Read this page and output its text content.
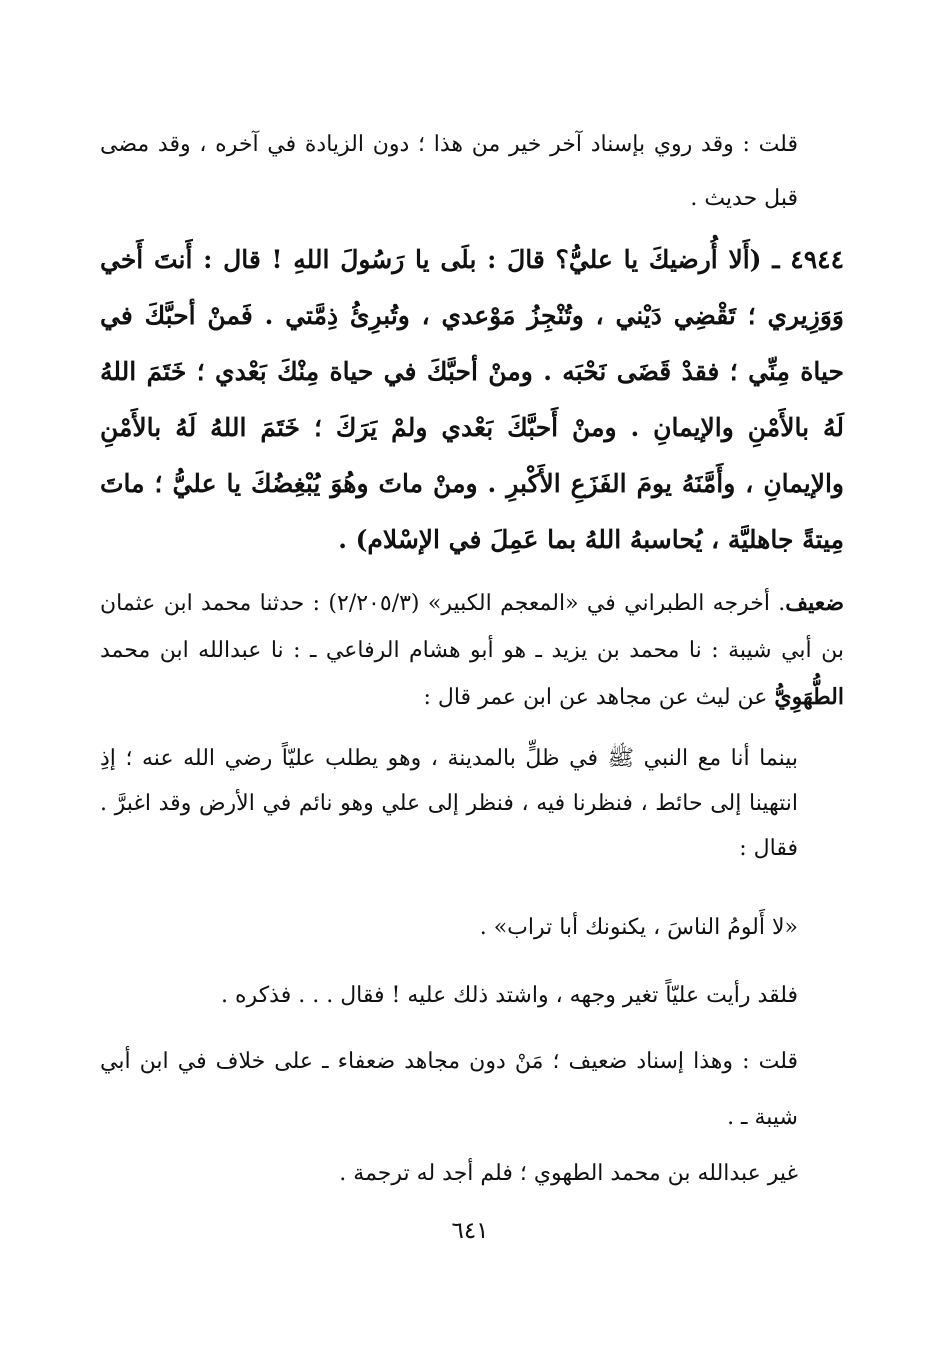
قلت : وقد روي بإسناد آخر خير من هذا ؛ دون الزيادة في آخره ، وقد مضى قبل حديث .

٤٩٤٤ ـ (أَلا أُرضيكَ يا عليُّ؟ قالَ : بلَى يا رَسُولَ اللهِ ! قال : أَنتَ أَخي وَوَزِيري ؛ تَقْضِي دَيْني ، وتُنْجِزُ مَوْعدي ، وتُبرِئُ ذِمَّتي . فَمنْ أحبَّكَ في حياة مِنِّي ؛ فقدْ قَضَى نَحْبَه . ومنْ أحبَّكَ في حياة مِنْكَ بَعْدي ؛ خَتَمَ اللهُ لَهُ بالأَمْنِ والإيمانِ . ومنْ أَحبَّكَ بَعْدي ولمْ يَرَكَ ؛ خَتَمَ اللهُ لَهُ بالأَمْنِ والإيمانِ ، وأَمَّنَهُ يومَ الفَزَعِ الأَكْبرِ . ومنْ ماتَ وهُوَ يُبْغِضُكَ يا عليُّ ؛ ماتَ مِيتةً جاهليَّة ، يُحاسبهُ اللهُ بما عَمِلَ في الإسْلام) .

ضعيف. أخرجه الطبراني في «المعجم الكبير» (٢/٢٠٥/٣) : حدثنا محمد ابن عثمان بن أبي شيبة : نا محمد بن يزيد ـ هو أبو هشام الرفاعي ـ : نا عبدالله ابن محمد الطُّهَوِيُّ عن ليث عن مجاهد عن ابن عمر قال :

بينما أنا مع النبي ﷺ في ظلٍّ بالمدينة ، وهو يطلب عليّاً رضي الله عنه ؛ إذِ انتهينا إلى حائط ، فنظرنا فيه ، فنظر إلى علي وهو نائم في الأرض وقد اغبرَّ . فقال :

«لا أَلومُ الناسَ ، يكنونك أبا تراب» .

فلقد رأيت عليّاً تغير وجهه ، واشتد ذلك عليه ! فقال . . . فذكره .

قلت : وهذا إسناد ضعيف ؛ مَنْ دون مجاهد ضعفاء ـ على خلاف في ابن أبي شيبة ـ .

غير عبدالله بن محمد الطهوي ؛ فلم أجد له ترجمة .

٦٤١
